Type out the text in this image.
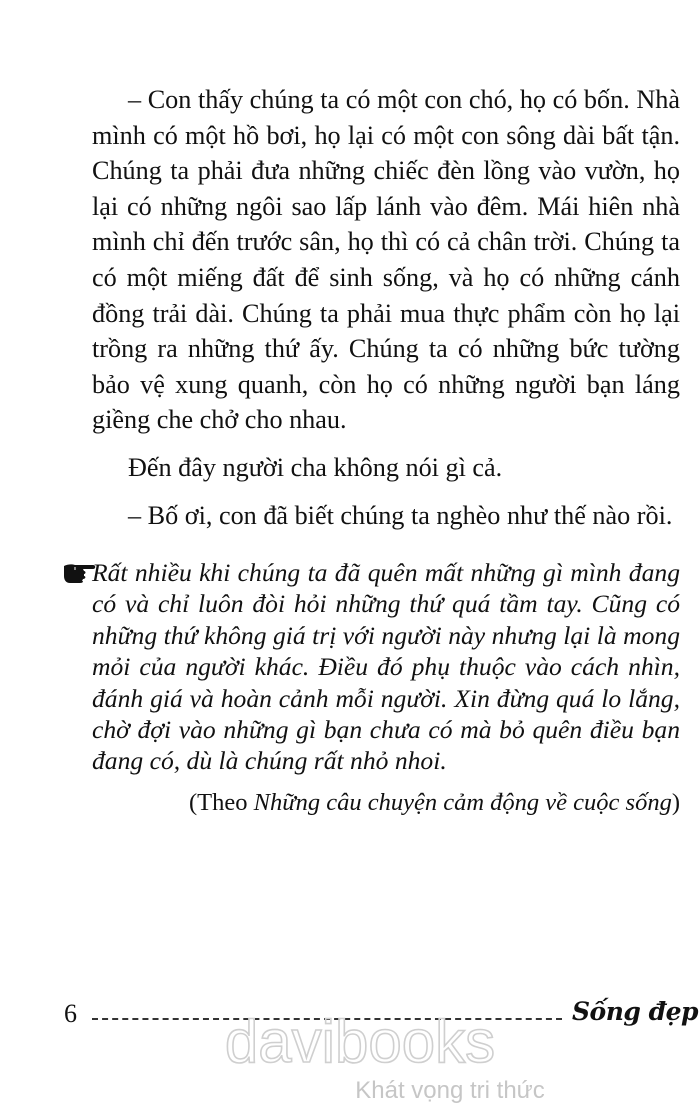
– Con thấy chúng ta có một con chó, họ có bốn. Nhà mình có một hồ bơi, họ lại có một con sông dài bất tận. Chúng ta phải đưa những chiếc đèn lồng vào vườn, họ lại có những ngôi sao lấp lánh vào đêm. Mái hiên nhà mình chỉ đến trước sân, họ thì có cả chân trời. Chúng ta có một miếng đất để sinh sống, và họ có những cánh đồng trải dài. Chúng ta phải mua thực phẩm còn họ lại trồng ra những thứ ấy. Chúng ta có những bức tường bảo vệ xung quanh, còn họ có những người bạn láng giềng che chở cho nhau.

Đến đây người cha không nói gì cả.

– Bố ơi, con đã biết chúng ta nghèo như thế nào rồi.

Rất nhiều khi chúng ta đã quên mất những gì mình đang có và chỉ luôn đòi hỏi những thứ quá tầm tay. Cũng có những thứ không giá trị với người này nhưng lại là mong mỏi của người khác. Điều đó phụ thuộc vào cách nhìn, đánh giá và hoàn cảnh mỗi người. Xin đừng quá lo lắng, chờ đợi vào những gì bạn chưa có mà bỏ quên điều bạn đang có, dù là chúng rất nhỏ nhoi.
(Theo Những câu chuyện cảm động về cuộc sống)
6	Sống đẹp
davibooks
Khát vọng tri thức
